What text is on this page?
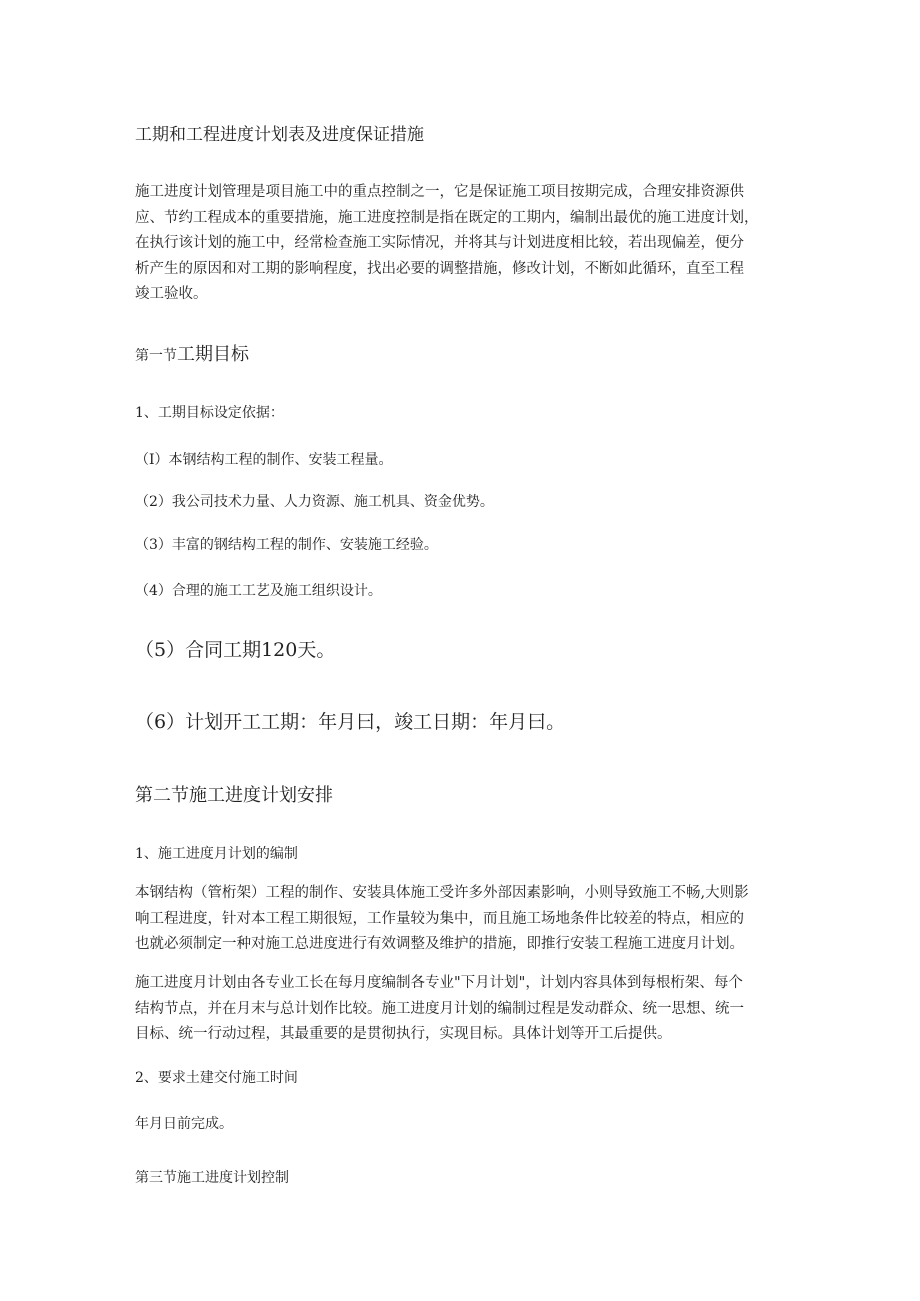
工期和工程进度计划表及进度保证措施

施工进度计划管理是项目施工中的重点控制之一，它是保证施工项目按期完成，合理安排资源供
应、节约工程成本的重要措施，施工进度控制是指在既定的工期内，编制出最优的施工进度计划，
在执行该计划的施工中，经常检查施工实际情况，并将其与计划进度相比较，若出现偏差，便分
析产生的原因和对工期的影响程度，找出必要的调整措施，修改计划，不断如此循环，直至工程
竣工验收。

第一节工期目标

1、工期目标设定依据：

（I）本钢结构工程的制作、安装工程量。

（2）我公司技术力量、人力资源、施工机具、资金优势。

（3）丰富的钢结构工程的制作、安装施工经验。

（4）合理的施工工艺及施工组织设计。

（5）合同工期120天。

（6）计划开工工期：年月曰，竣工日期：年月曰。

第二节施工进度计划安排

1、施工进度月计划的编制

本钢结构（管桁架）工程的制作、安装具体施工受许多外部因素影响，小则导致施工不畅,大则影
响工程进度，针对本工程工期很短，工作量较为集中，而且施工场地条件比较差的特点，相应的
也就必须制定一种对施工总进度进行有效调整及维护的措施，即推行安装工程施工进度月计划。
施工进度月计划由各专业工长在每月度编制各专业"下月计划"，计划内容具体到每根桁架、每个
结构节点，并在月末与总计划作比较。施工进度月计划的编制过程是发动群众、统一思想、统一
目标、统一行动过程，其最重要的是贯彻执行，实现目标。具体计划等开工后提供。

2、要求土建交付施工时间

年月日前完成。

第三节施工进度计划控制
